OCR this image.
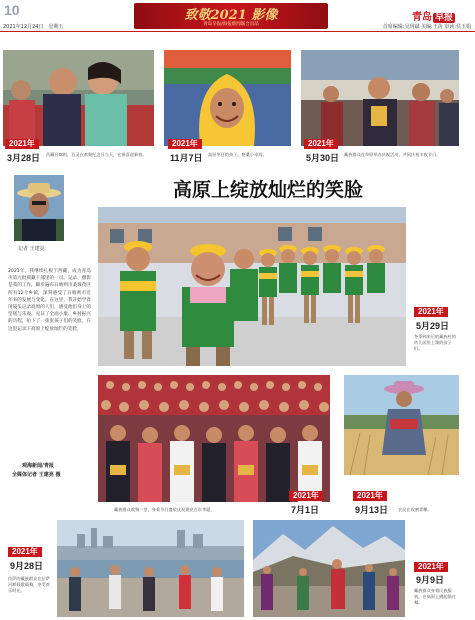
10	致敬2021 影像
青岛早报/海报新闻联合出品
青岛 早报
2021年12月24日　星期五	首席编辑:吴玥斌 美编:王茵 审读:侯玉娟
2021年
3月28日 西藏日喀则，百灵在欢聚纪念日当天，宏扬喜迎新春。
2021年
11月7日 高原冬日的孩子，格桑小卓玛。
2021年
5月30日 藏族群众在草原举办庆祝活动，共同庆祝丰收节日。
记者 王建亮
2021年，我继续扎根于西藏，成为青岛市第九批援藏干部里的一员。记录、摄影是我的工作，脚步遍布日喀则市桑珠孜区所有12个乡镇，深刻感受了日喀则市近年来的发展与变化。在这里，我开始学着用镜头记录高原的人们，感受他们身上的坚韧与乐观。见证了全面小康、乡村振兴的历程，拍下了一张张孩子们的笑脸，在这里记录下高原上绽放灿烂的笑脸。
观海新闻/青报
全媒体记者 王建亮 摄
高原上绽放灿烂的笑脸
2021年
5月29日
冬季到来后的藏族村的幼儿园里上课的孩子们。
2021年
7月1日
藏族群众欢聚一堂，身着节日盛装庆祝建党百年华诞。
2021年
9月13日 农民在收割青稞。
2021年
9月28日
拉萨的藏族群众在拉萨河畔载歌载舞，享受欢乐时光。
2021年
9月9日
藏族群众身着民族服装，在高原上跳起锅庄舞。
